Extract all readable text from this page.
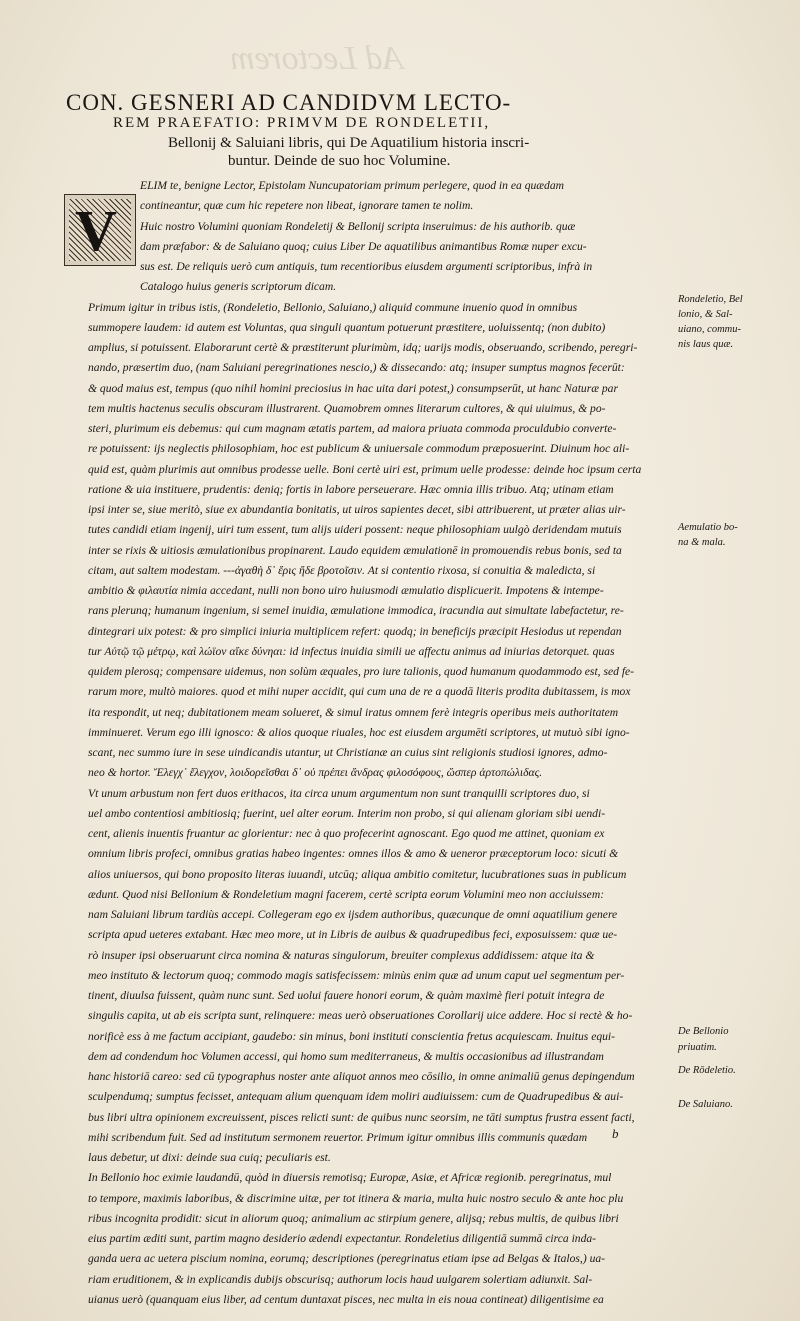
Ad Lectorem
CON. GESNERI AD CANDIDVM LECTO-
REM PRAEFATIO: PRIMVM DE RONDELETII,
Bellonij & Saluiani libris, qui De Aquatilium historia inscri-
buntur. Deinde de suo hoc Volumine.
V
ELIM te, benigne Lector, Epistolam Nuncupatoriam primum perlegere, quod in ea quædam
contineantur, quæ cum hic repetere non libeat, ignorare tamen te nolim.
Huic nostro Volumini quoniam Rondeletij & Bellonij scripta inseruimus: de his authorib. quæ
dam præfabor: & de Saluiano quoq; cuius Liber De aquatilibus animantibus Romæ nuper excu-
sus est. De reliquis uerò cum antiquis, tum recentioribus eiusdem argumenti scriptoribus, infrà in
Catalogo huius generis scriptorum dicam.
Primum igitur in tribus istis, (Rondeletio, Bellonio, Saluiano,) aliquid commune inuenio quod in omnibus
summopere laudem: id autem est Voluntas, qua singuli quantum potuerunt præstitere, uoluissentq; (non dubito)
amplius, si potuissent. Elaborarunt certè & præstiterunt plurimùm, idq; uarijs modis, obseruando, scribendo, peregri-
nando, præsertim duo, (nam Saluiani peregrinationes nescio,) & dissecando: atq; insuper sumptus magnos fecerūt:
& quod maius est, tempus (quo nihil homini preciosius in hac uita dari potest,) consumpserūt, ut hanc Naturæ par
tem multis hactenus seculis obscuram illustrarent. Quamobrem omnes literarum cultores, & qui uiuimus, & po-
steri, plurimum eis debemus: qui cum magnam ætatis partem, ad maiora priuata commoda proculdubio converte-
re potuissent: ijs neglectis philosophiam, hoc est publicum & uniuersale commodum præposuerint. Diuinum hoc ali-
quid est, quàm plurimis aut omnibus prodesse uelle. Boni certè uiri est, primum uelle prodesse: deinde hoc ipsum certa
ratione & uia instituere, prudentis: deniq; fortis in labore perseuerare. Hæc omnia illis tribuo. Atq; utinam etiam
ipsi inter se, siue meritò, siue ex abundantia bonitatis, ut uiros sapientes decet, sibi attribuerent, ut præter alias uir-
tutes candidi etiam ingenij, uiri tum essent, tum alijs uideri possent: neque philosophiam uulgò deridendam mutuis
inter se rixis & uitiosis æmulationibus propinarent. Laudo equidem æmulationē in promouendis rebus bonis, sed ta
citam, aut saltem modestam. ---ἀγαθὴ δ᾽ ἔρις ἥδε βροτοῖσιν. At si contentio rixosa, si conuitia & maledicta, si
ambitio & φιλαυτία nimia accedant, nulli non bono uiro huiusmodi æmulatio displicuerit. Impotens & intempe-
rans plerunq; humanum ingenium, si semel inuidia, æmulatione immodica, iracundia aut simultate labefactetur, re-
dintegrari uix potest: & pro simplici iniuria multiplicem refert: quodq; in beneficijs præcipit Hesiodus ut rependan
tur Αὐτῷ τῷ μέτρῳ, καὶ λώϊον αἴκε δύνηαι: id infectus inuidia simili ue affectu animus ad iniurias detorquet. quas
quidem plerosq; compensare uidemus, non solùm æquales, pro iure talionis, quod humanum quodammodo est, sed fe-
rarum more, multò maiores. quod et mihi nuper accidit, qui cum una de re a quodā literis prodita dubitassem, is mox
ita respondit, ut neq; dubitationem meam solueret, & simul iratus omnem ferè integris operibus meis authoritatem
imminueret. Verum ego illi ignosco: & alios quoque riuales, hoc est eiusdem argumēti scriptores, ut mutuò sibi igno-
scant, nec summo iure in sese uindicandis utantur, ut Christianæ an cuius sint religionis studiosi ignores, admo-
neo & hortor. Ἔλεγχ᾽ ἔλεγχον, λοιδορεῖσθαι δ᾽ οὐ πρέπει ἄνδρας φιλοσόφους, ὥσπερ ἀρτοπώλιδας.
Vt unum arbustum non fert duos erithacos, ita circa unum argumentum non sunt tranquilli scriptores duo, si
uel ambo contentiosi ambitiosiq; fuerint, uel alter eorum. Interim non probo, si qui alienam gloriam sibi uendi-
cent, alienis inuentis fruantur ac glorientur: nec à quo profecerint agnoscant. Ego quod me attinet, quoniam ex
omnium libris profeci, omnibus gratias habeo ingentes: omnes illos & amo & ueneror præceptorum loco: sicuti &
alios uniuersos, qui bono proposito literas iuuandi, utcūq; aliqua ambitio comitetur, lucubrationes suas in publicum
ædunt. Quod nisi Bellonium & Rondeletium magni facerem, certè scripta eorum Volumini meo non acciuissem:
nam Saluiani librum tardiùs accepi. Collegeram ego ex ijsdem authoribus, quæcunque de omni aquatilium genere
scripta apud ueteres extabant. Hæc meo more, ut in Libris de auibus & quadrupedibus feci, exposuissem: quæ ue-
rò insuper ipsi obseruarunt circa nomina & naturas singulorum, breuiter complexus addidissem: atque ita &
meo instituto & lectorum quoq; commodo magis satisfecissem: minùs enim quæ ad unum caput uel segmentum per-
tinent, diuulsa fuissent, quàm nunc sunt. Sed uolui fauere honori eorum, & quàm maximè fieri potuit integra de
singulis capita, ut ab eis scripta sunt, relinquere: meas uerò obseruationes Corollarij uice addere. Hoc si rectè & ho-
norificè ess à me factum accipiant, gaudebo: sin minus, boni instituti conscientia fretus acquiescam. Inuitus equi-
dem ad condendum hoc Volumen accessi, qui homo sum mediterraneus, & multis occasionibus ad illustrandam
hanc historiā careo: sed cū typographus noster ante aliquot annos meo cōsilio, in omne animaliū genus depingendum
sculpendumq; sumptus fecisset, antequam alium quenquam idem moliri audiuissem: cum de Quadrupedibus & aui-
bus libri ultra opinionem excreuissent, pisces relicti sunt: de quibus nunc seorsim, ne tāti sumptus frustra essent facti,
mihi scribendum fuit. Sed ad institutum sermonem reuertor. Primum igitur omnibus illis communis quædam
laus debetur, ut dixi: deinde sua cuiq; peculiaris est.
In Bellonio hoc eximie laudandū, quòd in diuersis remotisq; Europæ, Asiæ, et Africæ regionib. peregrinatus, mul
to tempore, maximis laboribus, & discrimine uitæ, per tot itinera & maria, multa huic nostro seculo & ante hoc plu
ribus incognita prodidit: sicut in aliorum quoq; animalium ac stirpium genere, alijsq; rebus multis, de quibus libri
eius partim æditi sunt, partim magno desiderio ædendi expectantur. Rondeletius diligentiā summā circa inda-
ganda uera ac uetera piscium nomina, eorumq; descriptiones (peregrinatus etiam ipse ad Belgas & Italos,) ua-
riam eruditionem, & in explicandis dubijs obscurisq; authorum locis haud uulgarem solertiam adiunxit. Sal-
uianus uerò (quanquam eius liber, ad centum duntaxat pisces, nec multa in eis noua contineat) diligentisime ea
Rondeletio, Bel
lonio, & Sal-
uiano, commu-
nis laus quæ.
Aemulatio bo-
na & mala.
De Bellonio
priuatim.
De Rōdeletio.
De Saluiano.
b
